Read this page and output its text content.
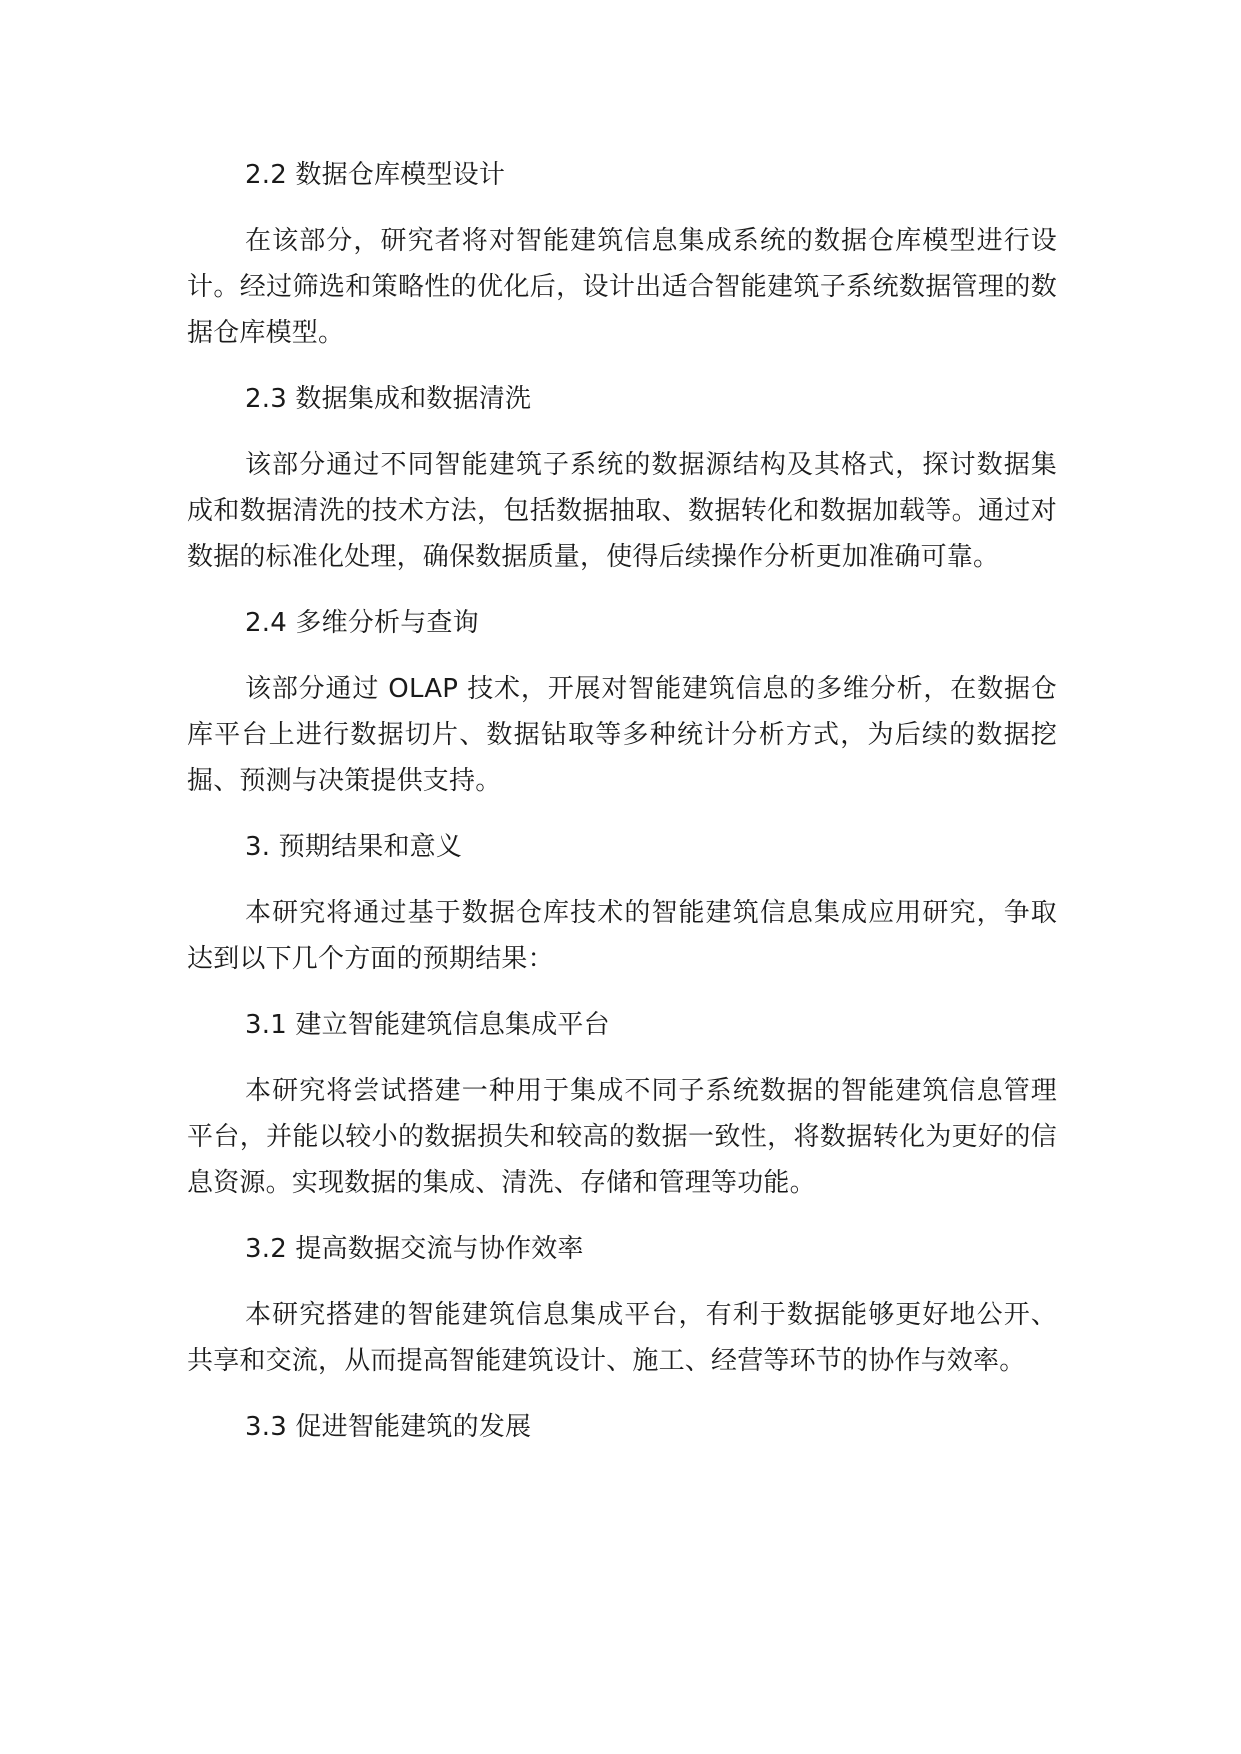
2.2 数据仓库模型设计
在该部分，研究者将对智能建筑信息集成系统的数据仓库模型进行设计。经过筛选和策略性的优化后，设计出适合智能建筑子系统数据管理的数据仓库模型。
2.3 数据集成和数据清洗
该部分通过不同智能建筑子系统的数据源结构及其格式，探讨数据集成和数据清洗的技术方法，包括数据抽取、数据转化和数据加载等。通过对数据的标准化处理，确保数据质量，使得后续操作分析更加准确可靠。
2.4 多维分析与查询
该部分通过 OLAP 技术，开展对智能建筑信息的多维分析，在数据仓库平台上进行数据切片、数据钻取等多种统计分析方式，为后续的数据挖掘、预测与决策提供支持。
3. 预期结果和意义
本研究将通过基于数据仓库技术的智能建筑信息集成应用研究，争取达到以下几个方面的预期结果：
3.1 建立智能建筑信息集成平台
本研究将尝试搭建一种用于集成不同子系统数据的智能建筑信息管理平台，并能以较小的数据损失和较高的数据一致性，将数据转化为更好的信息资源。实现数据的集成、清洗、存储和管理等功能。
3.2 提高数据交流与协作效率
本研究搭建的智能建筑信息集成平台，有利于数据能够更好地公开、共享和交流，从而提高智能建筑设计、施工、经营等环节的协作与效率。
3.3 促进智能建筑的发展
